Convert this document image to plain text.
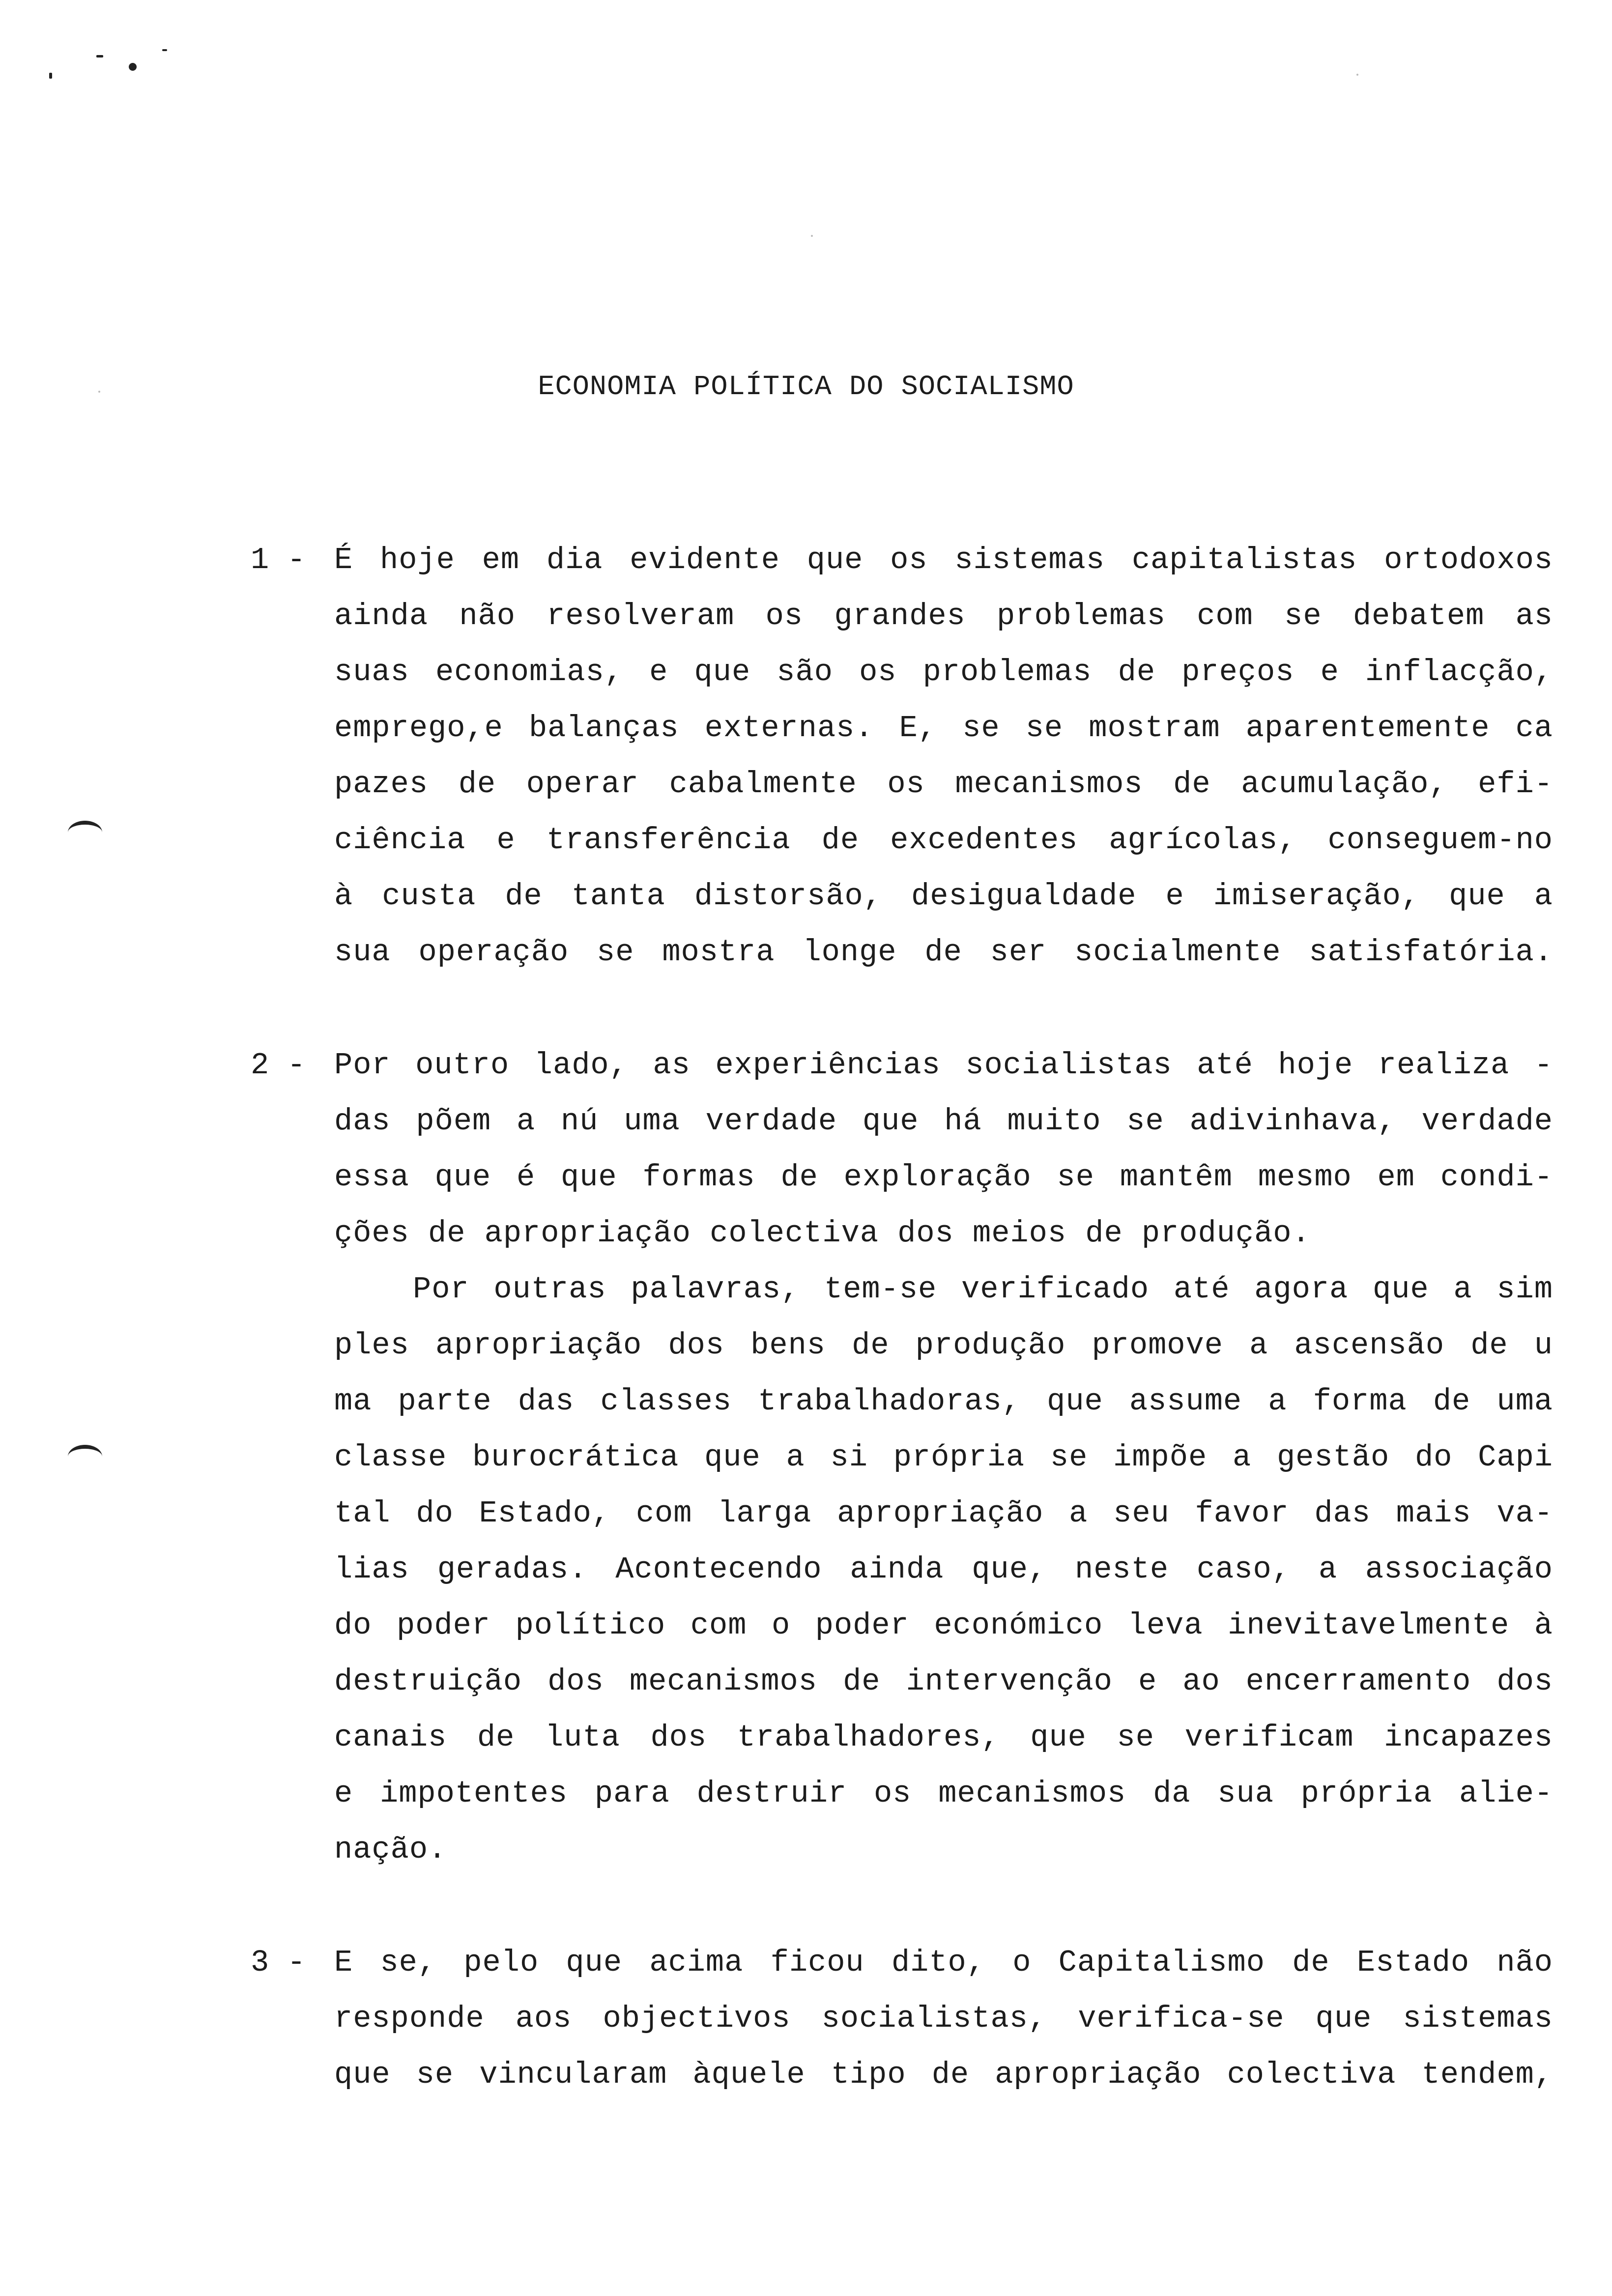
ECONOMIA POLÍTICA DO SOCIALISMO
1 - É hoje em dia evidente que os sistemas capitalistas ortodoxos
ainda não resolveram os grandes problemas com se debatem as
suas economias, e que são os problemas de preços e inflacção,
emprego,e balanças externas. E, se se mostram aparentemente ca
pazes de operar cabalmente os mecanismos de acumulação, efi-
ciência e transferência de excedentes agrícolas, conseguem-no
à custa de tanta distorsão, desigualdade e imiseração, que a
sua operação se mostra longe de ser socialmente satisfatória.
2 - Por outro lado, as experiências socialistas até hoje realiza -
das põem a nú uma verdade que há muito se adivinhava, verdade
essa que é que formas de exploração se mantêm mesmo em condi-
ções de apropriação colectiva dos meios de produção.
Por outras palavras, tem-se verificado até agora que a sim
ples apropriação dos bens de produção promove a ascensão de u
ma parte das classes trabalhadoras, que assume a forma de uma
classe burocrática que a si própria se impõe a gestão do Capi
tal do Estado, com larga apropriação a seu favor das mais va-
lias geradas. Acontecendo ainda que, neste caso, a associação
do poder político com o poder económico leva inevitavelmente à
destruição dos mecanismos de intervenção e ao encerramento dos
canais de luta dos trabalhadores, que se verificam incapazes
e impotentes para destruir os mecanismos da sua própria alie-
nação.
3 - E se, pelo que acima ficou dito, o Capitalismo de Estado não
responde aos objectivos socialistas, verifica-se que sistemas
que se vincularam àquele tipo de apropriação colectiva tendem,
